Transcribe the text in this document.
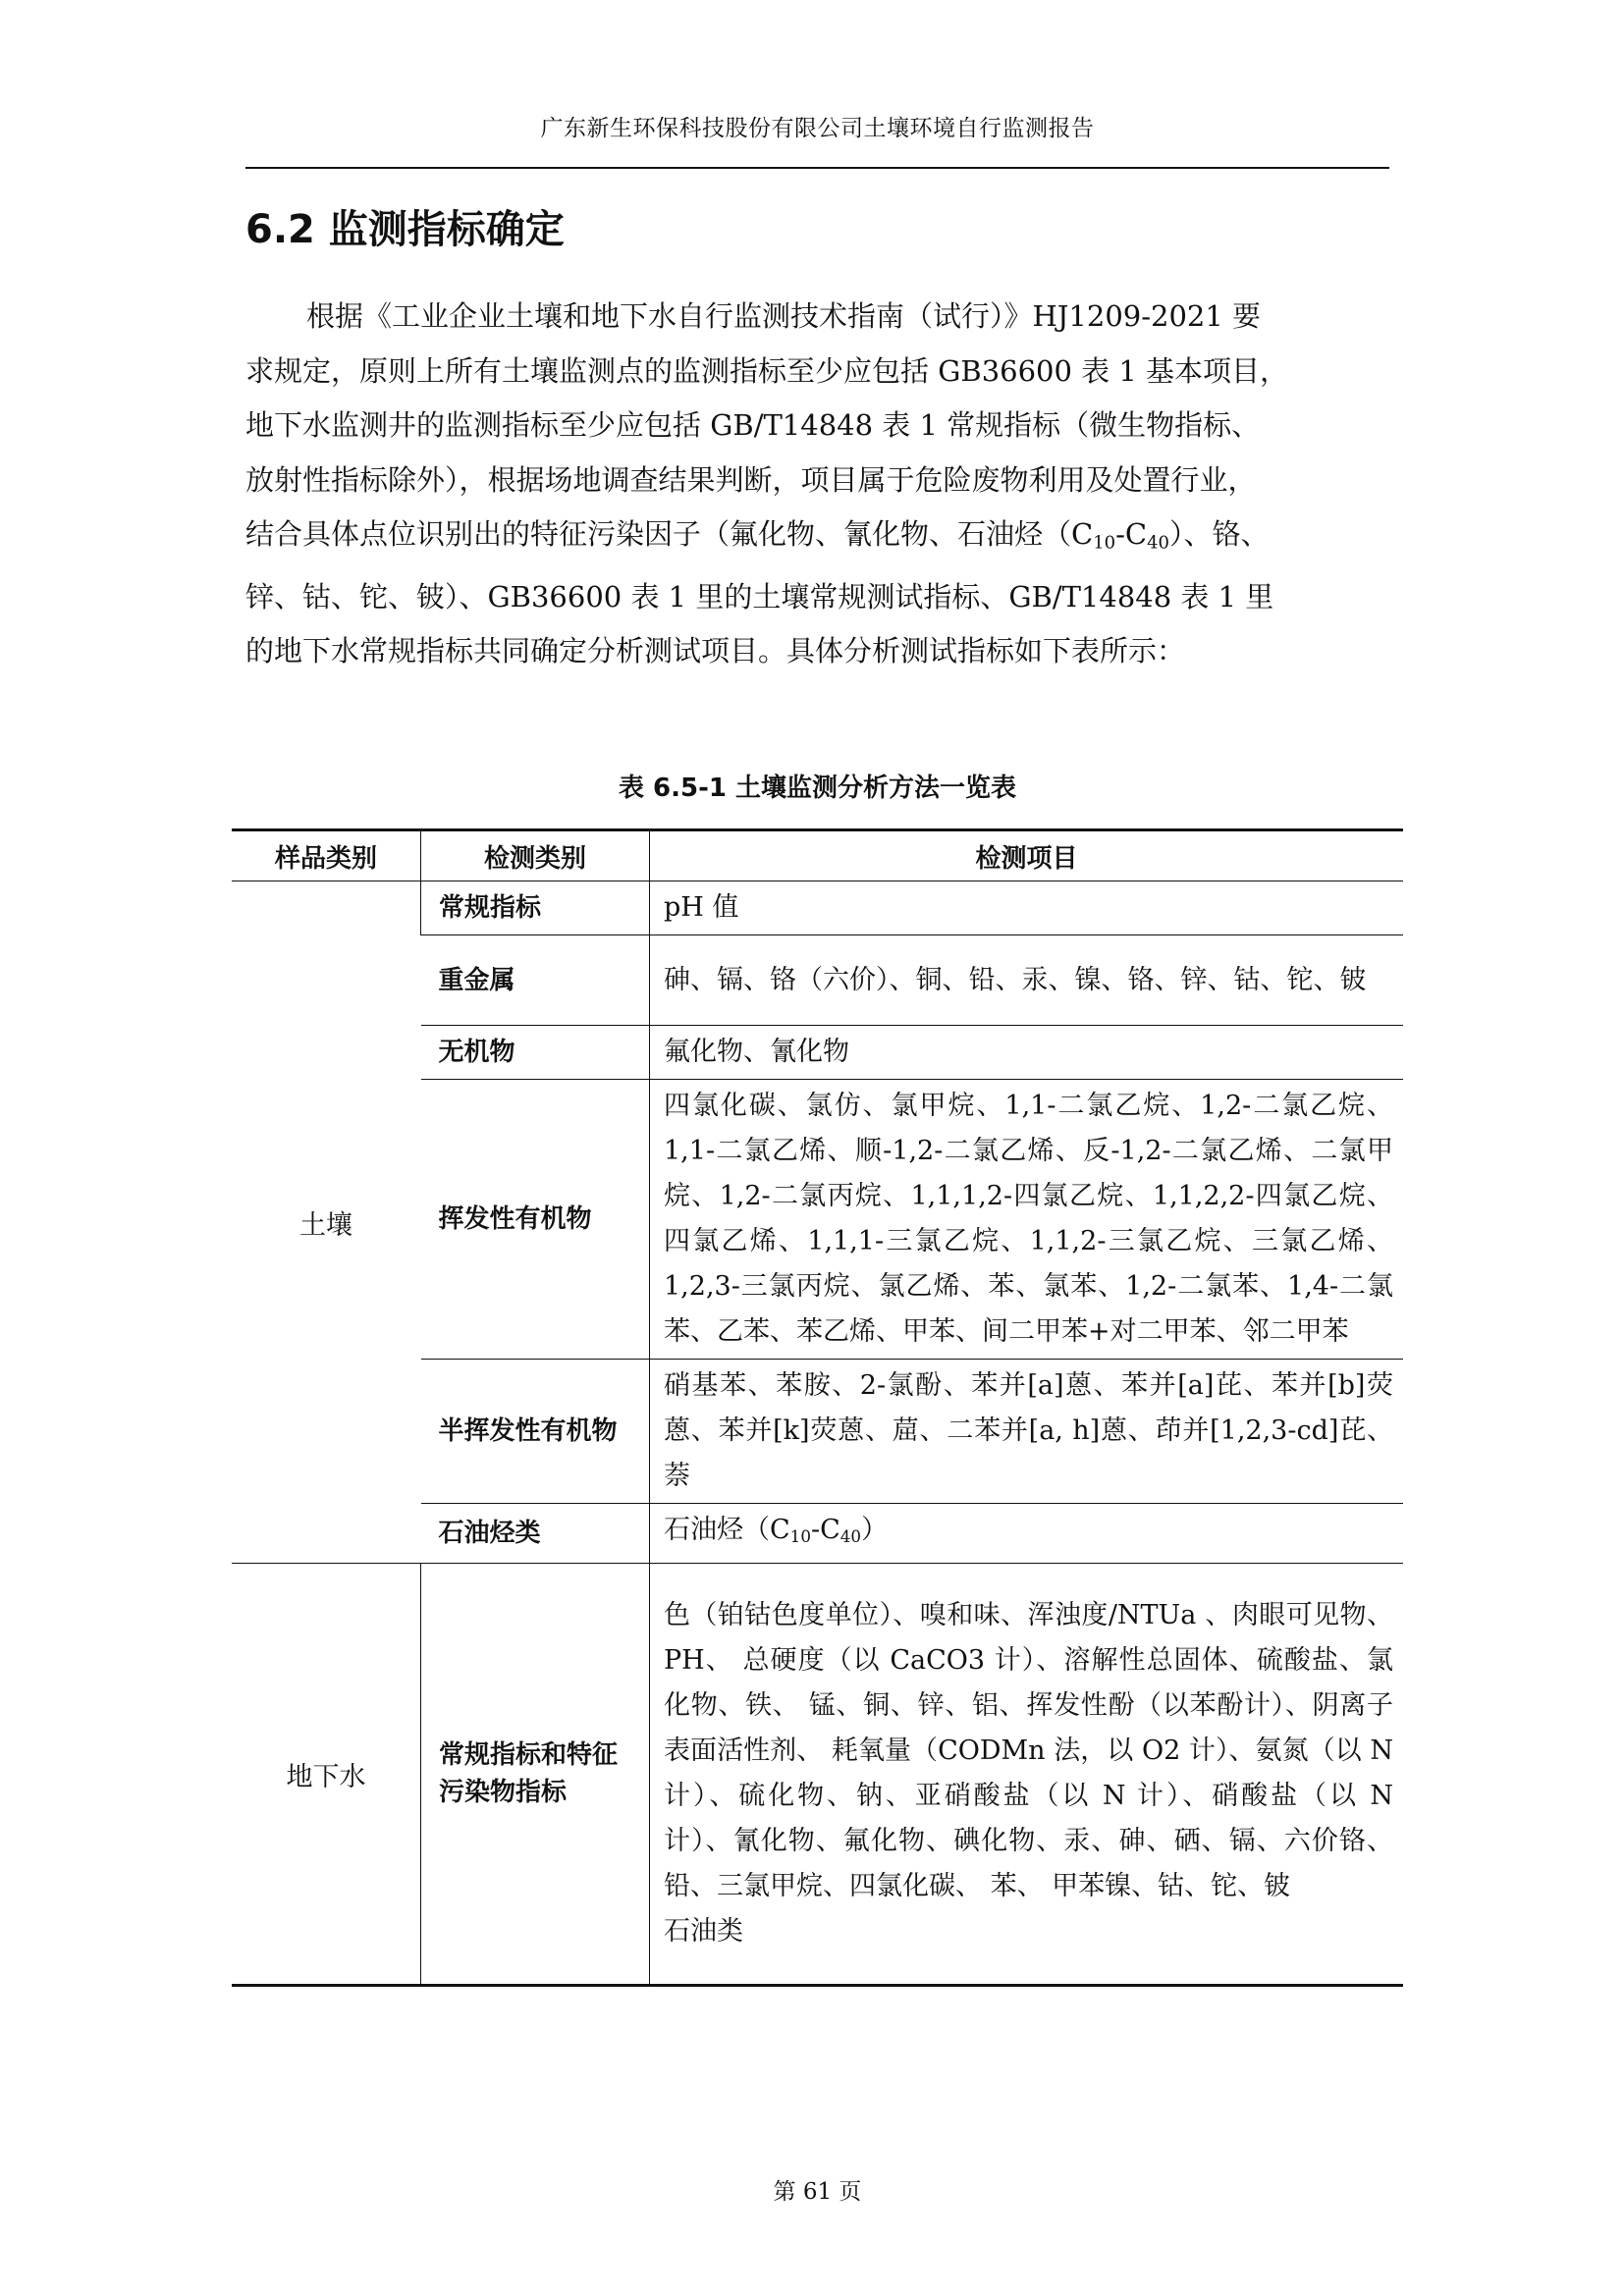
广东新生环保科技股份有限公司土壤环境自行监测报告
6.2 监测指标确定
根据《工业企业土壤和地下水自行监测技术指南（试行）》HJ1209-2021 要
求规定，原则上所有土壤监测点的监测指标至少应包括 GB36600 表 1 基本项目，
地下水监测井的监测指标至少应包括 GB/T14848 表 1 常规指标（微生物指标、
放射性指标除外），根据场地调查结果判断，项目属于危险废物利用及处置行业，
结合具体点位识别出的特征污染因子（氟化物、氰化物、石油烃$(C_{10}-C_{40})$、铬、
锌、钴、铊、铍）、GB36600 表 1 里的土壤常规测试指标、GB/T14848 表 1 里
的地下水常规指标共同确定分析测试项目。具体分析测试指标如下表所示：
表 6.5-1 土壤监测分析方法一览表
样品类别	检测类别	检测项目
土壤	常规指标	pH 值
	重金属	砷、镉、铬（六价）、铜、铅、汞、镍、铬、锌、钴、铊、铍
	无机物	氟化物、氰化物
	挥发性有机物	四氯化碳、氯仿、氯甲烷、1,1-二氯乙烷、1,2-二氯乙烷、1,1-二氯乙烯、顺-1,2-二氯乙烯、反-1,2-二氯乙烯、二氯甲烷、1,2-二氯丙烷、1,1,1,2-四氯乙烷、1,1,2,2-四氯乙烷、四氯乙烯、1,1,1-三氯乙烷、1,1,2-三氯乙烷、三氯乙烯、1,2,3-三氯丙烷、氯乙烯、苯、氯苯、1,2-二氯苯、1,4-二氯苯、乙苯、苯乙烯、甲苯、间二甲苯+对二甲苯、邻二甲苯
	半挥发性有机物	硝基苯、苯胺、2-氯酚、苯并[a]蒽、苯并[a]芘、苯并[b]荧蒽、苯并[k]荧蒽、䓛、二苯并[a, h]蒽、茚并[1,2,3-cd]芘、萘
	石油烃类	石油烃$(C_{10}-C_{40})$
地下水	常规指标和特征污染物指标	色（铂钴色度单位）、嗅和味、浑浊度/NTUa 、肉眼可见物、PH、 总硬度（以 CaCO3 计）、溶解性总固体、硫酸盐、氯化物、铁、 锰、铜、锌、铝、挥发性酚（以苯酚计）、阴离子表面活性剂、 耗氧量（CODMn 法，以 O2 计）、氨氮（以 N 计）、硫化物、钠、亚硝酸盐（以 N 计）、硝酸盐（以 N 计）、氰化物、氟化物、碘化物、汞、砷、硒、镉、六价铬、铅、三氯甲烷、四氯化碳、 苯、 甲苯镍、钴、铊、铍
石油类
第 61 页
